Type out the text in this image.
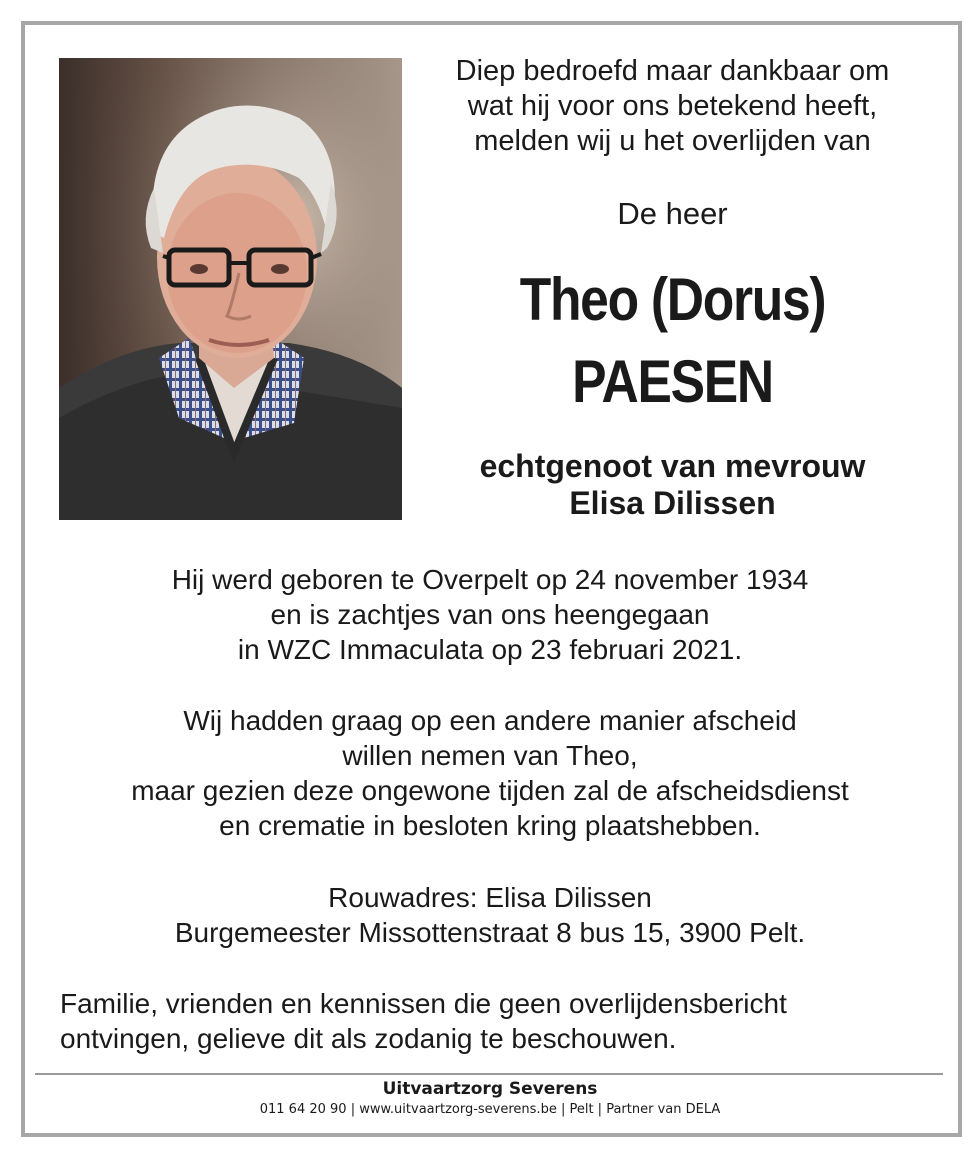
Diep bedroefd maar dankbaar om
wat hij voor ons betekend heeft,
melden wij u het overlijden van
De heer
Theo (Dorus)
PAESEN
echtgenoot van mevrouw
Elisa Dilissen
Hij werd geboren te Overpelt op 24 november 1934
en is zachtjes van ons heengegaan
in WZC Immaculata op 23 februari 2021.
Wij hadden graag op een andere manier afscheid
willen nemen van Theo,
maar gezien deze ongewone tijden zal de afscheidsdienst
en crematie in besloten kring plaatshebben.
Rouwadres: Elisa Dilissen
Burgemeester Missottenstraat 8 bus 15, 3900 Pelt.
Familie, vrienden en kennissen die geen overlijdensbericht
ontvingen, gelieve dit als zodanig te beschouwen.
Uitvaartzorg Severens
011 64 20 90 | www.uitvaartzorg-severens.be | Pelt | Partner van DELA
